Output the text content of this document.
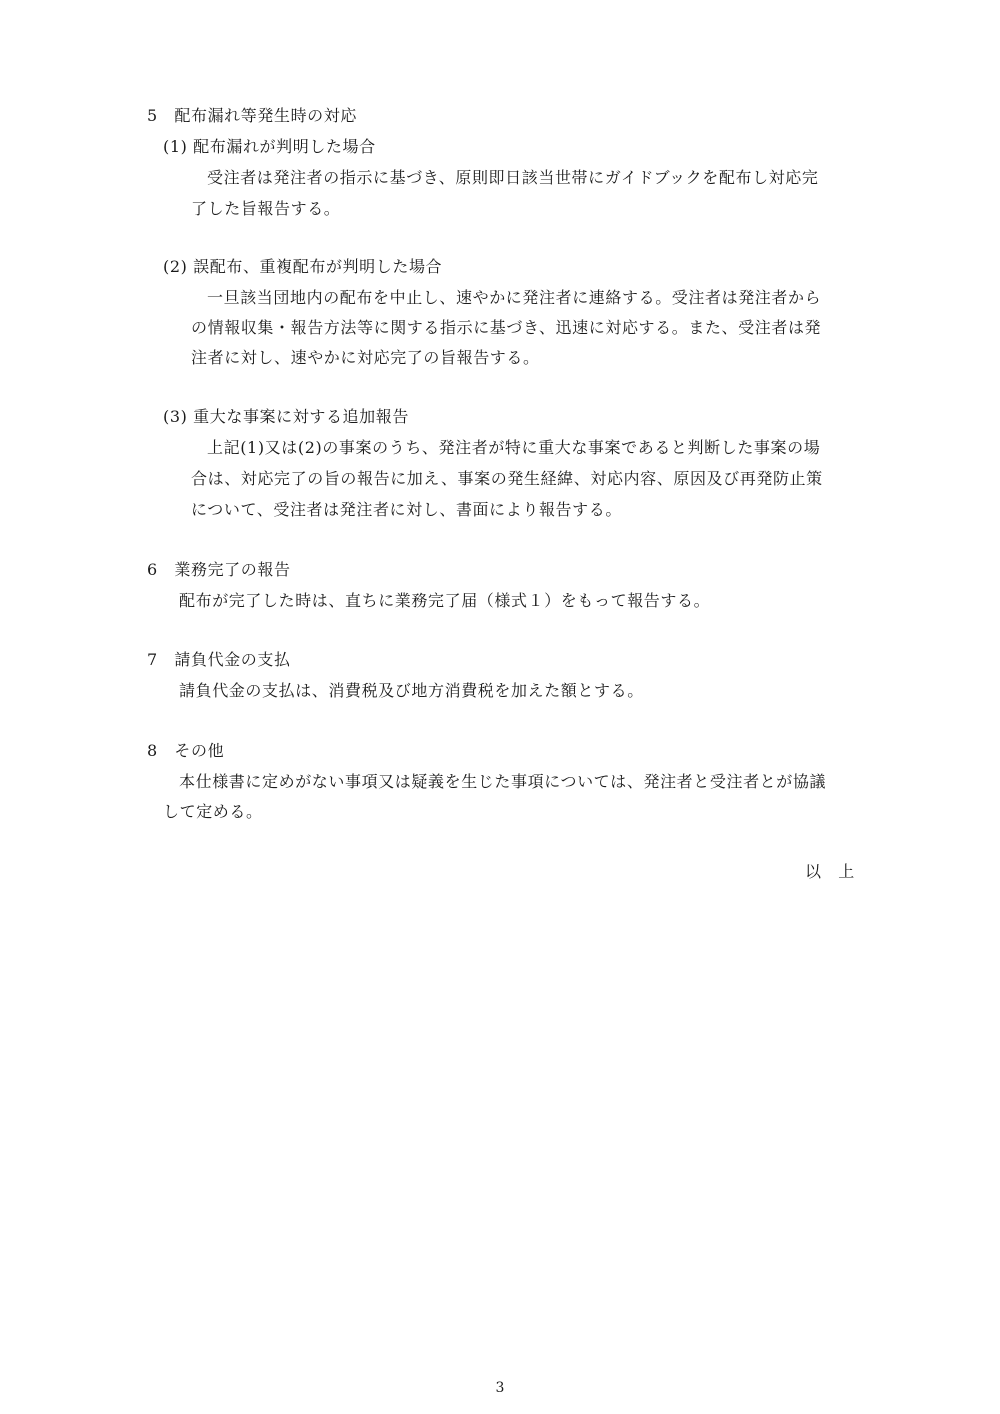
5　配布漏れ等発生時の対応
(1) 配布漏れが判明した場合
受注者は発注者の指示に基づき、原則即日該当世帯にガイドブックを配布し対応完
了した旨報告する。
(2) 誤配布、重複配布が判明した場合
一旦該当団地内の配布を中止し、速やかに発注者に連絡する。受注者は発注者から
の情報収集・報告方法等に関する指示に基づき、迅速に対応する。また、受注者は発
注者に対し、速やかに対応完了の旨報告する。
(3) 重大な事案に対する追加報告
上記(1)又は(2)の事案のうち、発注者が特に重大な事案であると判断した事案の場
合は、対応完了の旨の報告に加え、事案の発生経緯、対応内容、原因及び再発防止策
について、受注者は発注者に対し、書面により報告する。
6　業務完了の報告
配布が完了した時は、直ちに業務完了届（様式１）をもって報告する。
7　請負代金の支払
請負代金の支払は、消費税及び地方消費税を加えた額とする。
8　その他
本仕様書に定めがない事項又は疑義を生じた事項については、発注者と受注者とが協議
して定める。
以　上
3
